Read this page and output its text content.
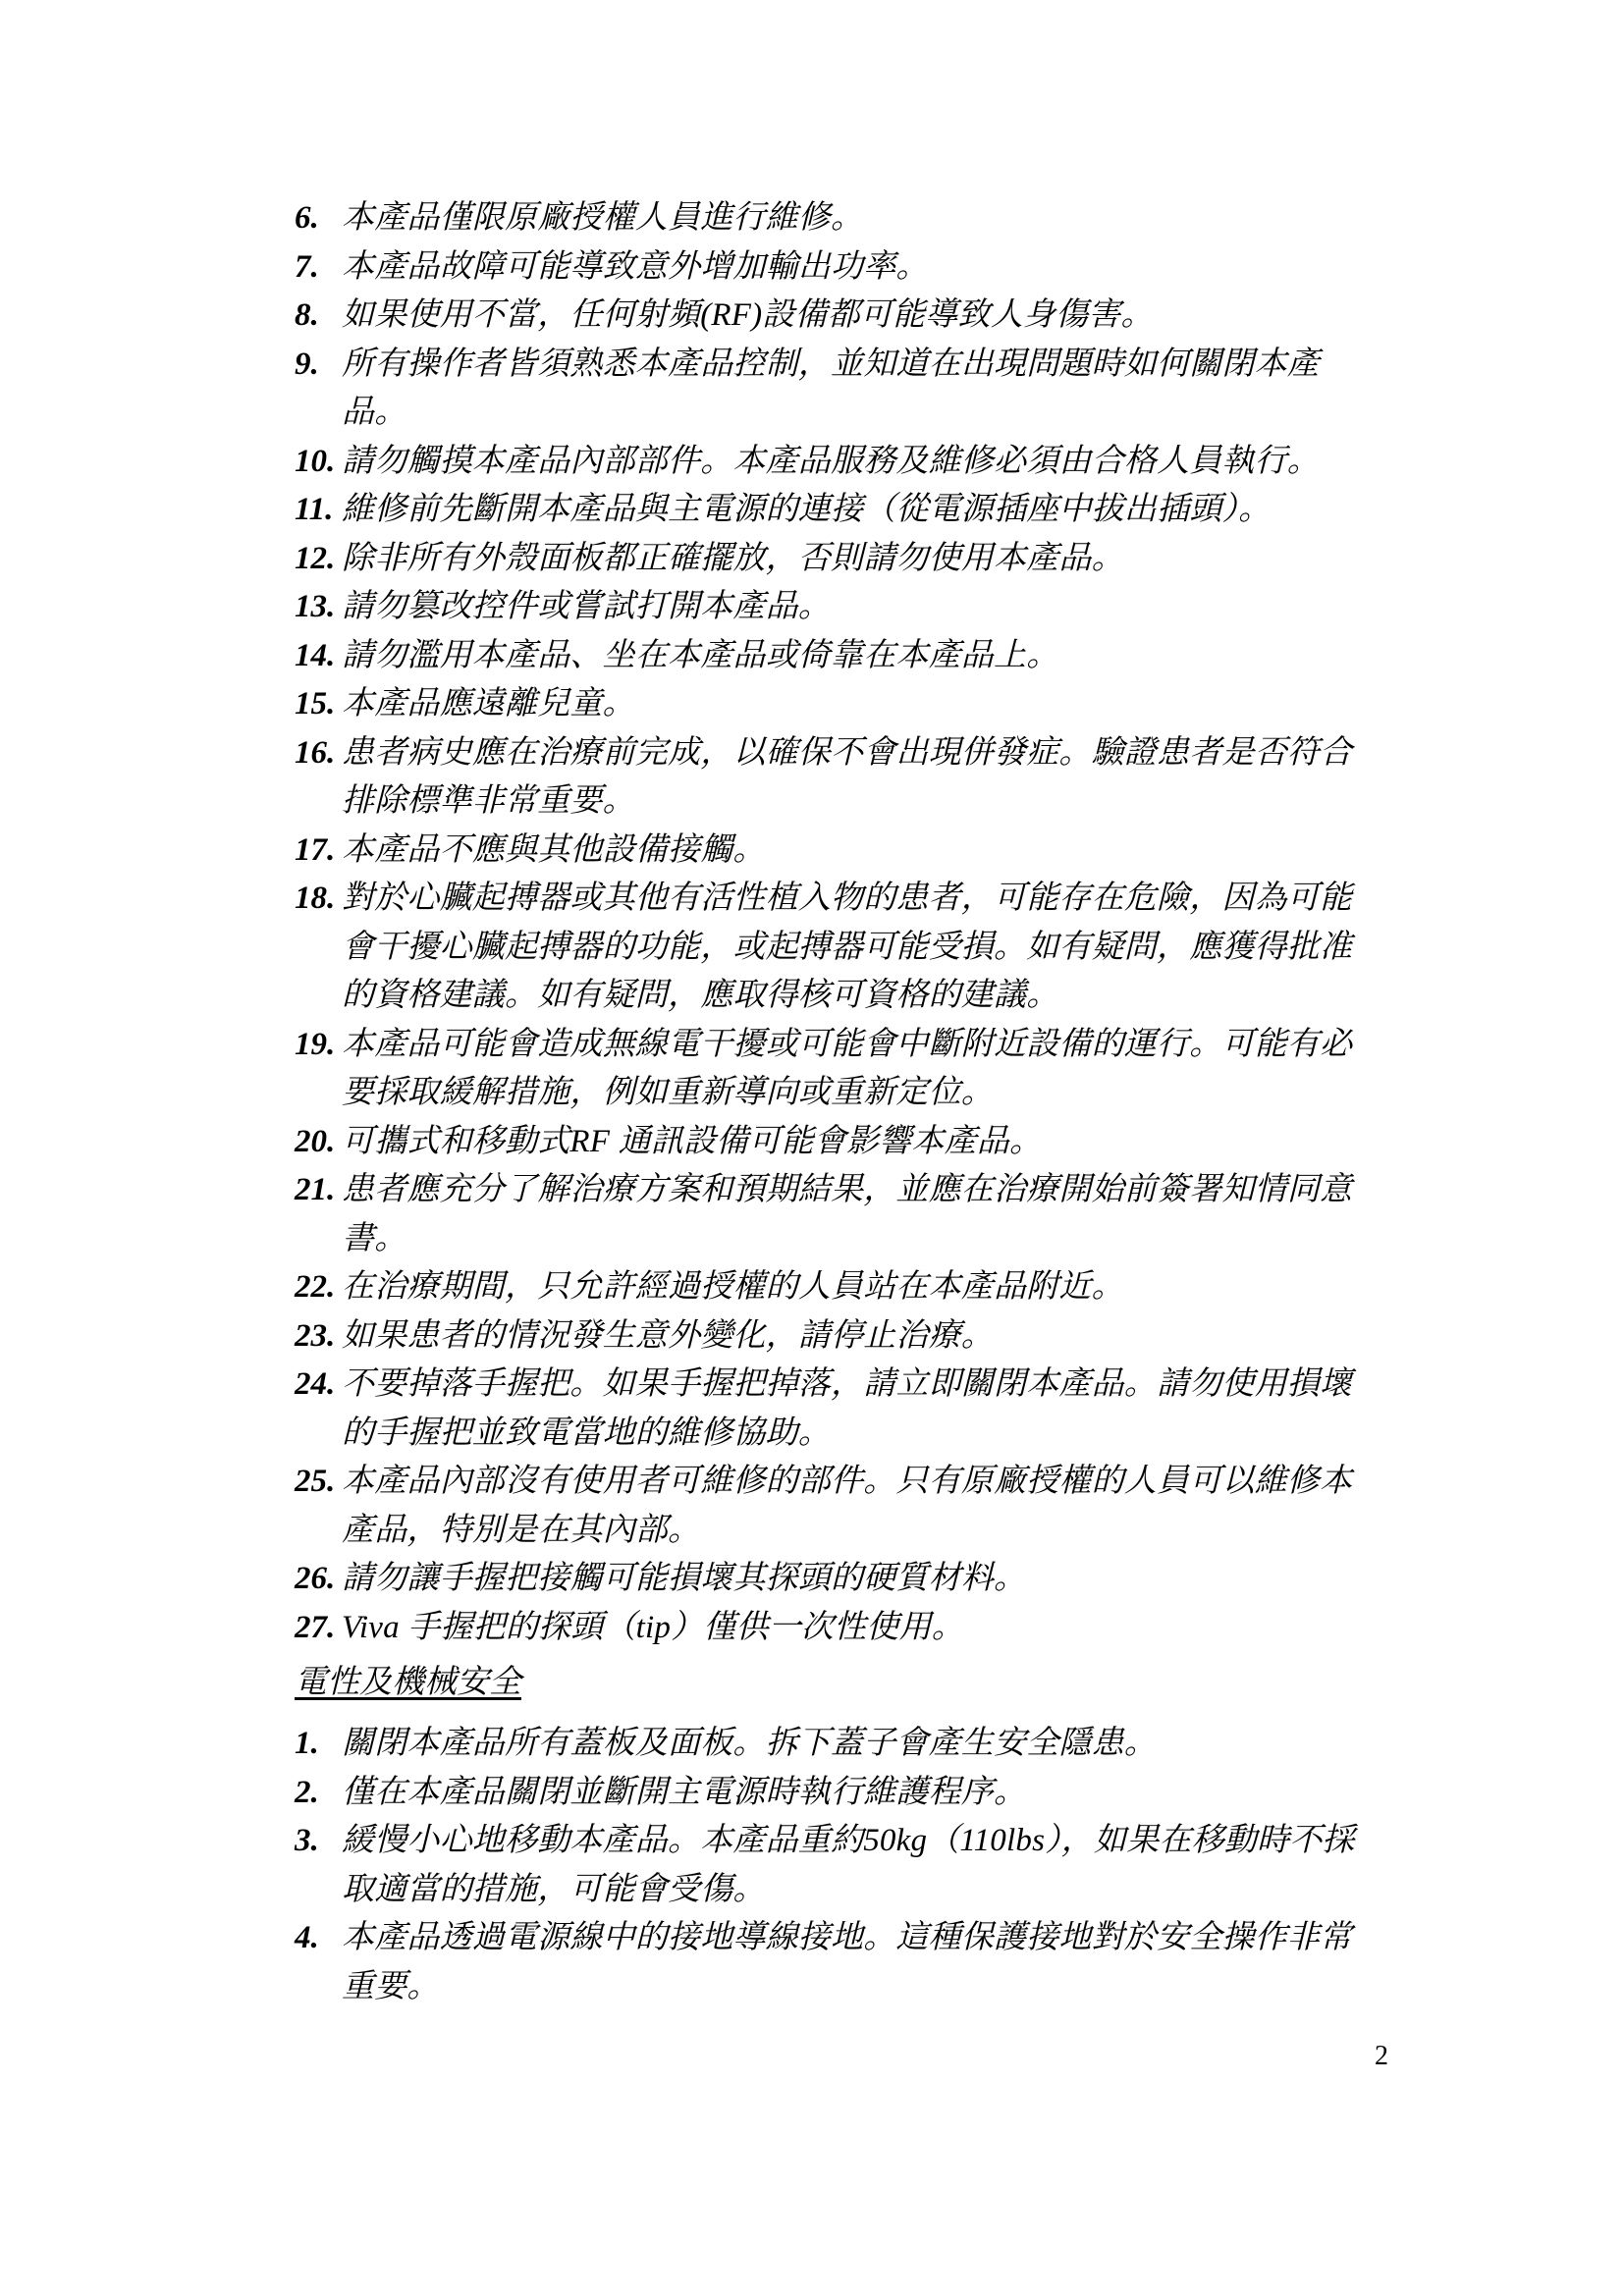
6. 本產品僅限原廠授權人員進行維修。
7. 本產品故障可能導致意外增加輸出功率。
8. 如果使用不當，任何射頻(RF)設備都可能導致人身傷害。
9. 所有操作者皆須熟悉本產品控制，並知道在出現問題時如何關閉本產品。
10. 請勿觸摸本產品內部部件。本產品服務及維修必須由合格人員執行。
11. 維修前先斷開本產品與主電源的連接（從電源插座中拔出插頭）。
12. 除非所有外殼面板都正確擺放，否則請勿使用本產品。
13. 請勿篡改控件或嘗試打開本產品。
14. 請勿濫用本產品、坐在本產品或倚靠在本產品上。
15. 本產品應遠離兒童。
16. 患者病史應在治療前完成，以確保不會出現併發症。驗證患者是否符合排除標準非常重要。
17. 本產品不應與其他設備接觸。
18. 對於心臟起搏器或其他有活性植入物的患者，可能存在危險，因為可能會干擾心臟起搏器的功能，或起搏器可能受損。如有疑問，應獲得批准的資格建議。如有疑問，應取得核可資格的建議。
19. 本產品可能會造成無線電干擾或可能會中斷附近設備的運行。可能有必要採取緩解措施，例如重新導向或重新定位。
20. 可攜式和移動式RF 通訊設備可能會影響本產品。
21. 患者應充分了解治療方案和預期結果，並應在治療開始前簽署知情同意書。
22. 在治療期間，只允許經過授權的人員站在本產品附近。
23. 如果患者的情況發生意外變化，請停止治療。
24. 不要掉落手握把。如果手握把掉落，請立即關閉本產品。請勿使用損壞的手握把並致電當地的維修協助。
25. 本產品內部沒有使用者可維修的部件。只有原廠授權的人員可以維修本產品，特別是在其內部。
26. 請勿讓手握把接觸可能損壞其探頭的硬質材料。
27. Viva 手握把的探頭（tip）僅供一次性使用。
電性及機械安全
1. 關閉本產品所有蓋板及面板。拆下蓋子會產生安全隱患。
2. 僅在本產品關閉並斷開主電源時執行維護程序。
3. 緩慢小心地移動本產品。本產品重約50kg（110lbs），如果在移動時不採取適當的措施，可能會受傷。
4. 本產品透過電源線中的接地導線接地。這種保護接地對於安全操作非常重要。
2
